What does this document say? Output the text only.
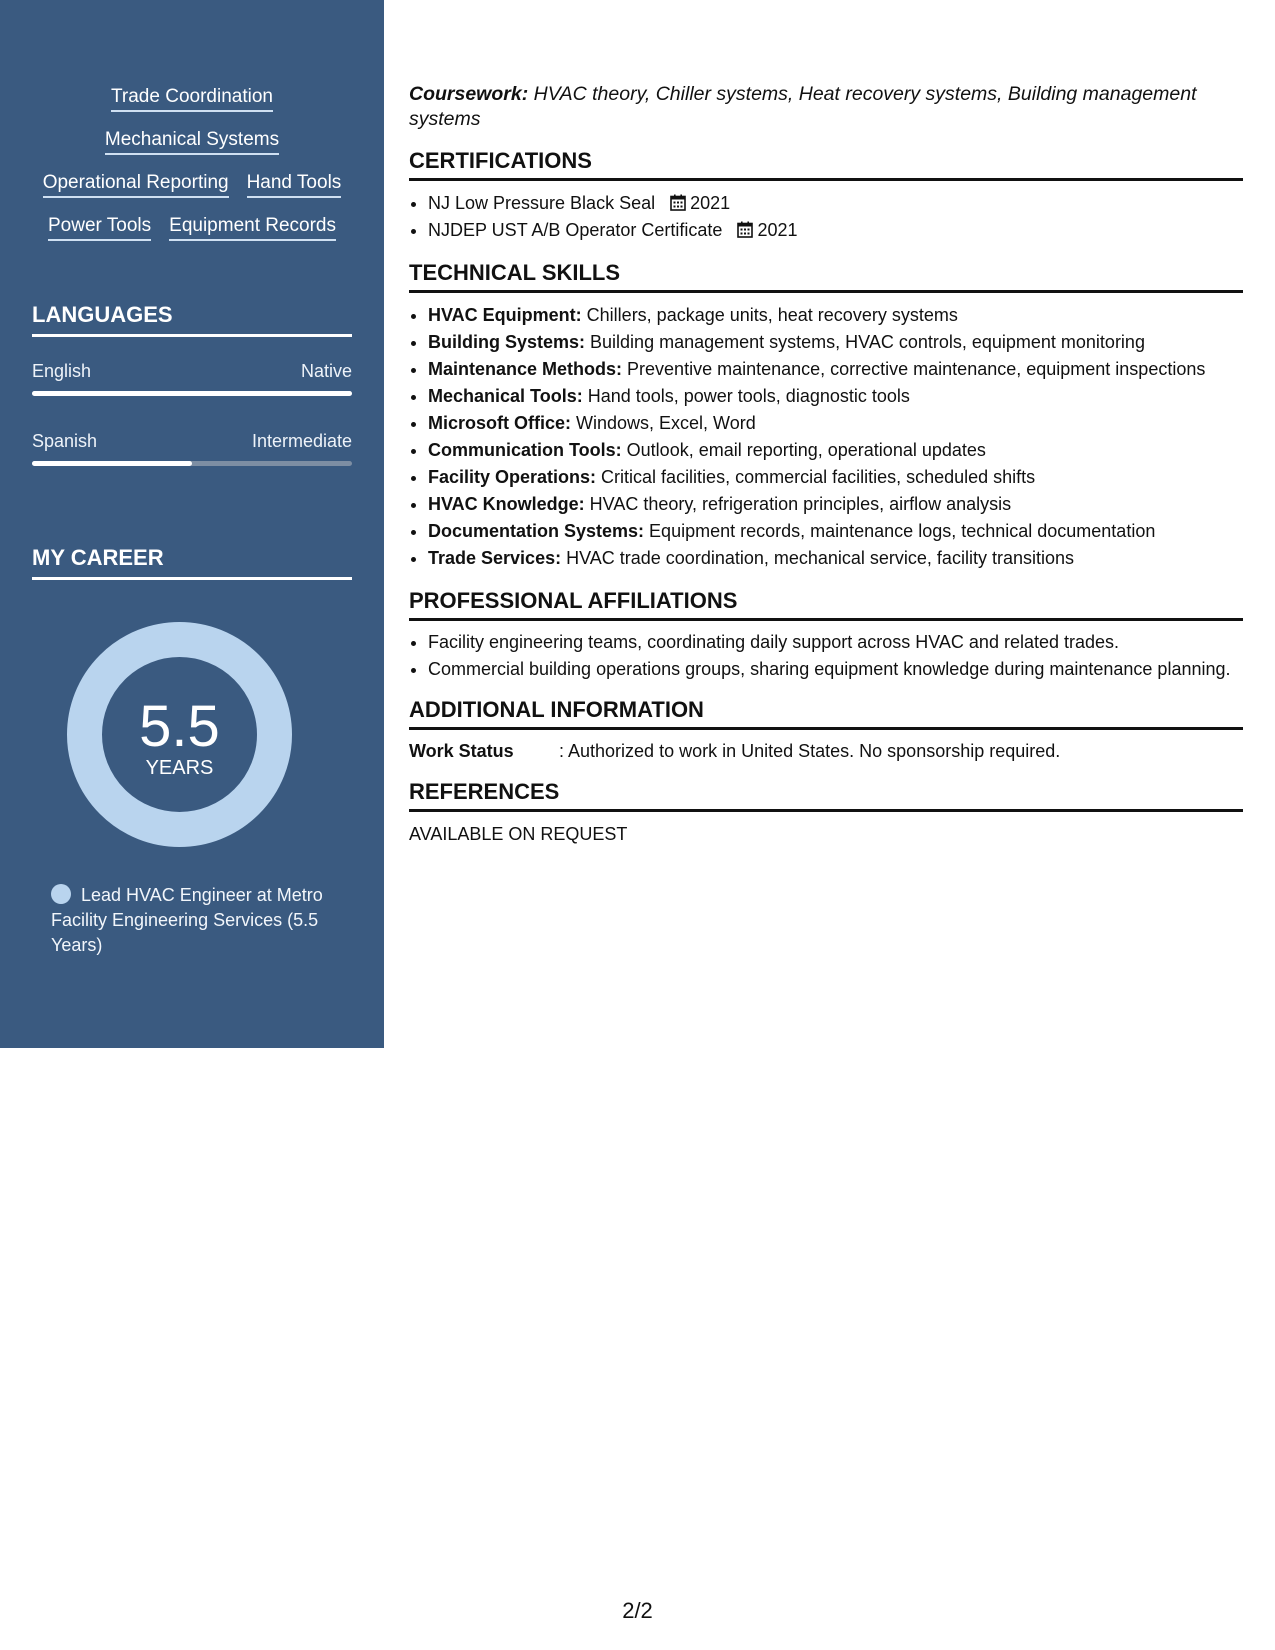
Trade Coordination
Mechanical Systems
Operational Reporting Hand Tools
Power Tools Equipment Records
LANGUAGES
English	Native
Spanish	Intermediate
MY CAREER
5.5
YEARS
Lead HVAC Engineer at Metro Facility Engineering Services (5.5 Years)
Coursework: HVAC theory, Chiller systems, Heat recovery systems, Building management systems
CERTIFICATIONS
• NJ Low Pressure Black Seal 2021
• NJDEP UST A/B Operator Certificate 2021
TECHNICAL SKILLS
• HVAC Equipment: Chillers, package units, heat recovery systems
• Building Systems: Building management systems, HVAC controls, equipment monitoring
• Maintenance Methods: Preventive maintenance, corrective maintenance, equipment inspections
• Mechanical Tools: Hand tools, power tools, diagnostic tools
• Microsoft Office: Windows, Excel, Word
• Communication Tools: Outlook, email reporting, operational updates
• Facility Operations: Critical facilities, commercial facilities, scheduled shifts
• HVAC Knowledge: HVAC theory, refrigeration principles, airflow analysis
• Documentation Systems: Equipment records, maintenance logs, technical documentation
• Trade Services: HVAC trade coordination, mechanical service, facility transitions
PROFESSIONAL AFFILIATIONS
• Facility engineering teams, coordinating daily support across HVAC and related trades.
• Commercial building operations groups, sharing equipment knowledge during maintenance planning.
ADDITIONAL INFORMATION
Work Status	: Authorized to work in United States. No sponsorship required.
REFERENCES
AVAILABLE ON REQUEST
2/2
